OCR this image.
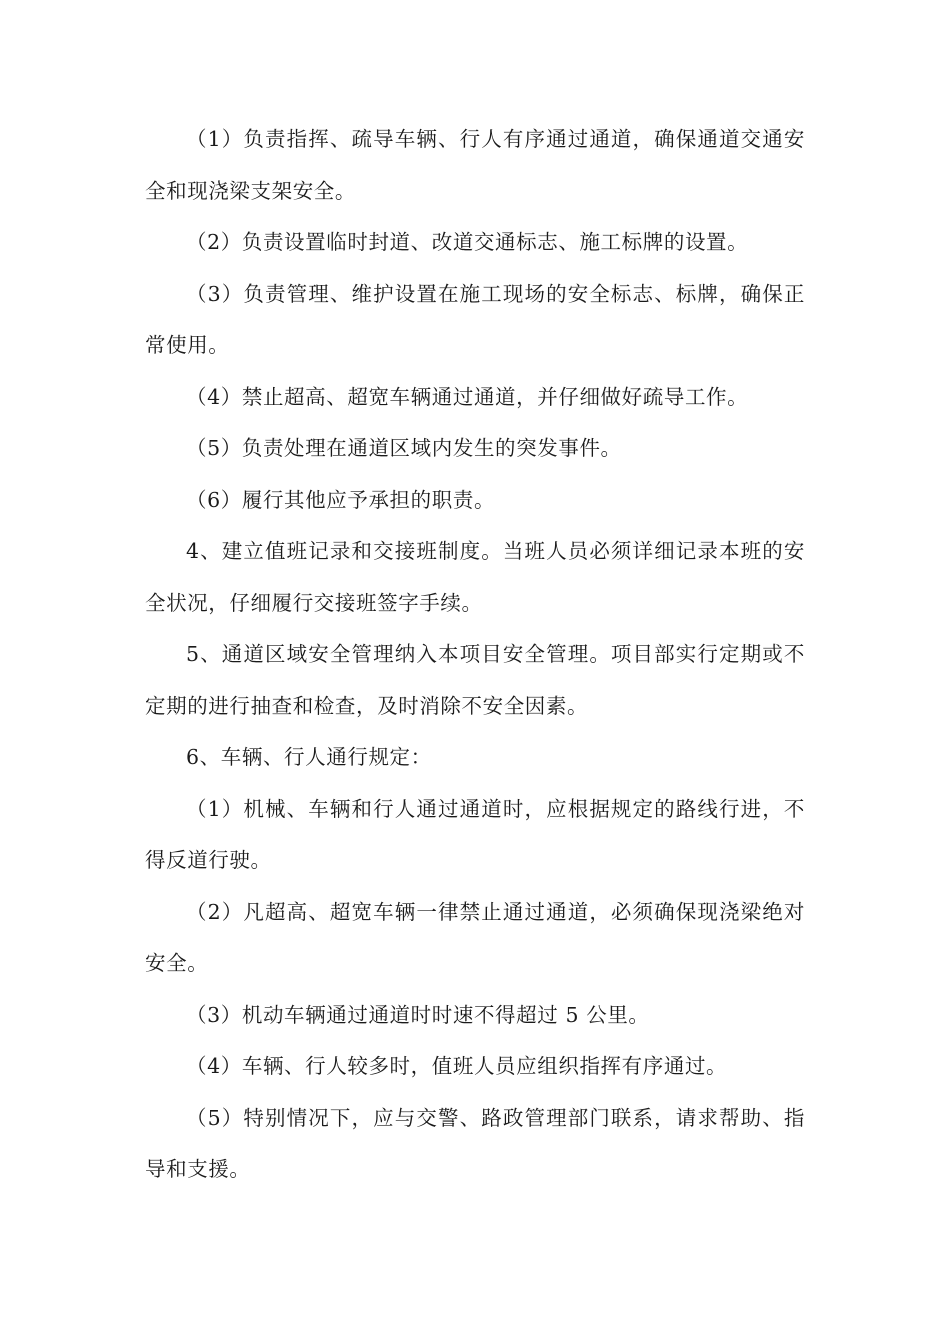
（1）负责指挥、疏导车辆、行人有序通过通道，确保通道交通安全和现浇梁支架安全。

（2）负责设置临时封道、改道交通标志、施工标牌的设置。

（3）负责管理、维护设置在施工现场的安全标志、标牌，确保正常使用。

（4）禁止超高、超宽车辆通过通道，并仔细做好疏导工作。

（5）负责处理在通道区域内发生的突发事件。

（6）履行其他应予承担的职责。

4、建立值班记录和交接班制度。当班人员必须详细记录本班的安全状况，仔细履行交接班签字手续。

5、通道区域安全管理纳入本项目安全管理。项目部实行定期或不定期的进行抽查和检查，及时消除不安全因素。

6、车辆、行人通行规定：

（1）机械、车辆和行人通过通道时，应根据规定的路线行进，不得反道行驶。

（2）凡超高、超宽车辆一律禁止通过通道，必须确保现浇梁绝对安全。

（3）机动车辆通过通道时时速不得超过 5 公里。

（4）车辆、行人较多时，值班人员应组织指挥有序通过。

（5）特别情况下，应与交警、路政管理部门联系，请求帮助、指导和支援。
